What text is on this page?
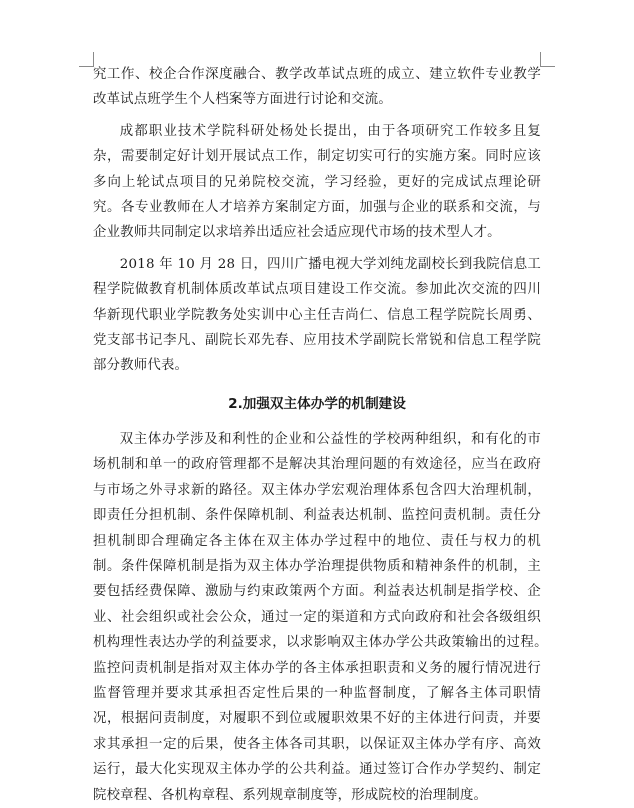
究工作、校企合作深度融合、教学改革试点班的成立、建立软件专业教学改革试点班学生个人档案等方面进行讨论和交流。

成都职业技术学院科研处杨处长提出，由于各项研究工作较多且复杂，需要制定好计划开展试点工作，制定切实可行的实施方案。同时应该多向上轮试点项目的兄弟院校交流，学习经验，更好的完成试点理论研究。各专业教师在人才培养方案制定方面，加强与企业的联系和交流，与企业教师共同制定以求培养出适应社会适应现代市场的技术型人才。

2018 年 10 月 28 日，四川广播电视大学刘纯龙副校长到我院信息工程学院做教育机制体质改革试点项目建设工作交流。参加此次交流的四川华新现代职业学院教务处实训中心主任吉尚仁、信息工程学院院长周勇、党支部书记李凡、副院长邓先春、应用技术学副院长常锐和信息工程学院部分教师代表。

2.加强双主体办学的机制建设

双主体办学涉及和利性的企业和公益性的学校两种组织，和有化的市场机制和单一的政府管理都不是解决其治理问题的有效途径，应当在政府与市场之外寻求新的路径。双主体办学宏观治理体系包含四大治理机制，即责任分担机制、条件保障机制、利益表达机制、监控问责机制。责任分担机制即合理确定各主体在双主体办学过程中的地位、责任与权力的机制。条件保障机制是指为双主体办学治理提供物质和精神条件的机制，主要包括经费保障、激励与约束政策两个方面。利益表达机制是指学校、企业、社会组织或社会公众，通过一定的渠道和方式向政府和社会各级组织机构理性表达办学的利益要求，以求影响双主体办学公共政策输出的过程。　监控问责机制是指对双主体办学的各主体承担职责和义务的履行情况进行监督管理并要求其承担否定性后果的一种监督制度，了解各主体司职情况，根据问责制度，对履职不到位或履职效果不好的主体进行问责，并要求其承担一定的后果，使各主体各司其职，以保证双主体办学有序、高效运行，最大化实现双主体办学的公共利益。通过签订合作办学契约、制定院校章程、各机构章程、系列规章制度等，形成院校的治理制度。
